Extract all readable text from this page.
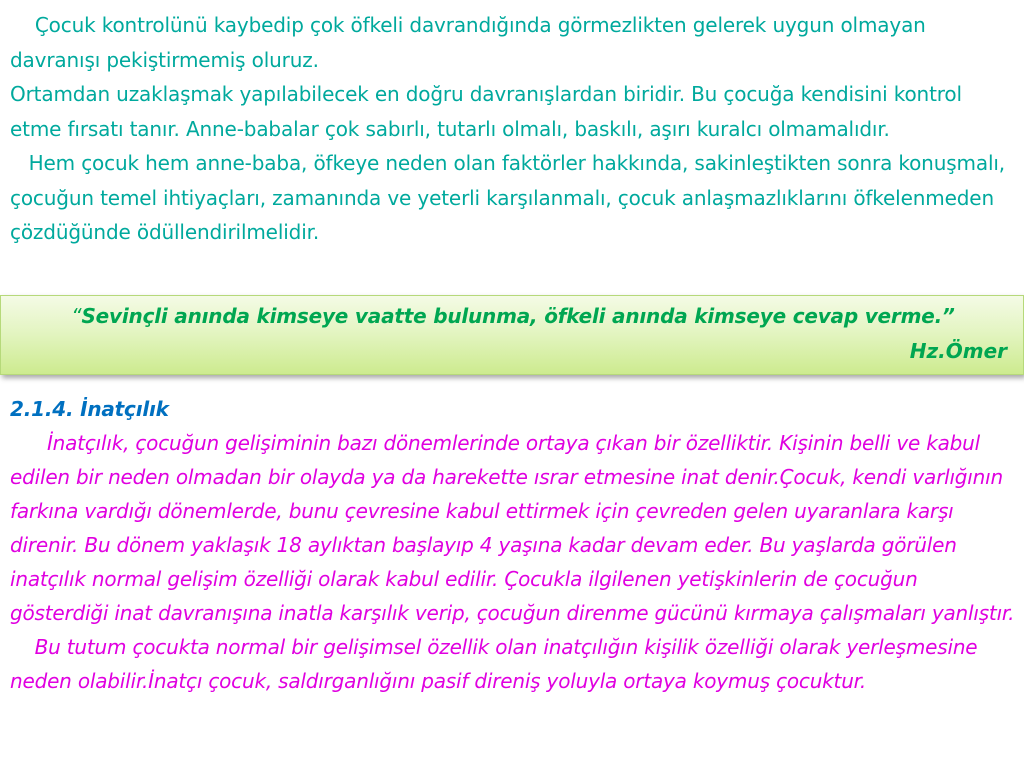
Çocuk kontrolünü kaybedip çok öfkeli davrandığında görmezlikten gelerek uygun olmayan davranışı pekiştirmemiş oluruz.

Ortamdan uzaklaşmak yapılabilecek en doğru davranışlardan biridir. Bu çocuğa kendisini kontrol etme fırsatı tanır. Anne-babalar çok sabırlı, tutarlı olmalı, baskılı, aşırı kuralcı olmamalıdır.

Hem çocuk hem anne-baba, öfkeye neden olan faktörler hakkında, sakinleştikten sonra konuşmalı, çocuğun temel ihtiyaçları, zamanında ve yeterli karşılanmalı, çocuk anlaşmazlıklarını öfkelenmeden çözdüğünde ödüllendirilmelidir.

“Sevinçli anında kimseye vaatte bulunma, öfkeli anında kimseye cevap verme.”
Hz.Ömer

2.1.4. İnatçılık

İnatçılık, çocuğun gelişiminin bazı dönemlerinde ortaya çıkan bir özelliktir. Kişinin belli ve kabul edilen bir neden olmadan bir olayda ya da harekette ısrar etmesine inat denir.Çocuk, kendi varlığının farkına vardığı dönemlerde, bunu çevresine kabul ettirmek için çevreden gelen uyaranlara karşı direnir. Bu dönem yaklaşık 18 aylıktan başlayıp 4 yaşına kadar devam eder. Bu yaşlarda görülen inatçılık normal gelişim özelliği olarak kabul edilir. Çocukla ilgilenen yetişkinlerin de çocuğun gösterdiği inat davranışına inatla karşılık verip, çocuğun direnme gücünü kırmaya çalışmaları yanlıştır.

Bu tutum çocukta normal bir gelişimsel özellik olan inatçılığın kişilik özelliği olarak yerleşmesine neden olabilir.İnatçı çocuk, saldırganlığını pasif direniş yoluyla ortaya koymuş çocuktur.
